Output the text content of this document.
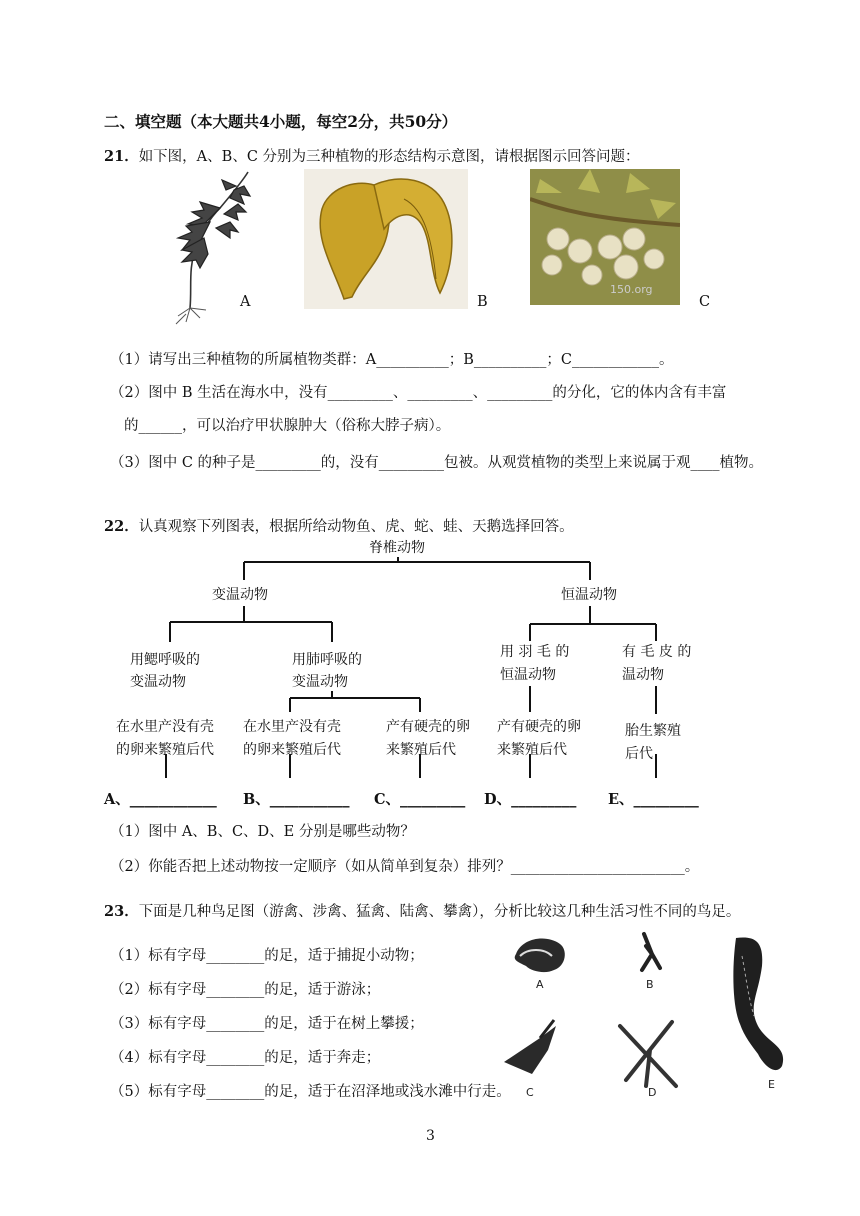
二、填空题（本大题共4小题，每空2分，共50分）
21．如下图，A、B、C 分别为三种植物的形态结构示意图，请根据图示回答问题：
A	B
150.org
C
（1）请写出三种植物的所属植物类群：A__________；B__________；C____________。
（2）图中 B 生活在海水中，没有_________、_________、_________的分化，它的体内含有丰富
的______，可以治疗甲状腺肿大（俗称大脖子病）。
（3）图中 C 的种子是_________的，没有_________包被。从观赏植物的类型上来说属于观____植物。
22．认真观察下列图表，根据所给动物鱼、虎、蛇、蛙、天鹅选择回答。
脊椎动物
变温动物	恒温动物
用鳃呼吸的
变温动物
用肺呼吸的
变温动物
用 羽 毛 的
恒温动物
有 毛 皮 的
温动物
在水里产没有壳
的卵来繁殖后代
在水里产没有壳
的卵来繁殖后代
产有硬壳的卵
来繁殖后代
产有硬壳的卵
来繁殖后代
胎生繁殖
后代
A、____________ B、___________ C、_________ D、_________ E、_________
（1）图中 A、B、C、D、E 分别是哪些动物？
（2）你能否把上述动物按一定顺序（如从简单到复杂）排列？________________________。
23．下面是几种鸟足图（游禽、涉禽、猛禽、陆禽、攀禽），分析比较这几种生活习性不同的鸟足。
（1）标有字母________的足，适于捕捉小动物；
（2）标有字母________的足，适于游泳；
（3）标有字母________的足，适于在树上攀援；
（4）标有字母________的足，适于奔走；
（5）标有字母________的足，适于在沼泽地或浅水滩中行走。
A	B
C	D
E
3
